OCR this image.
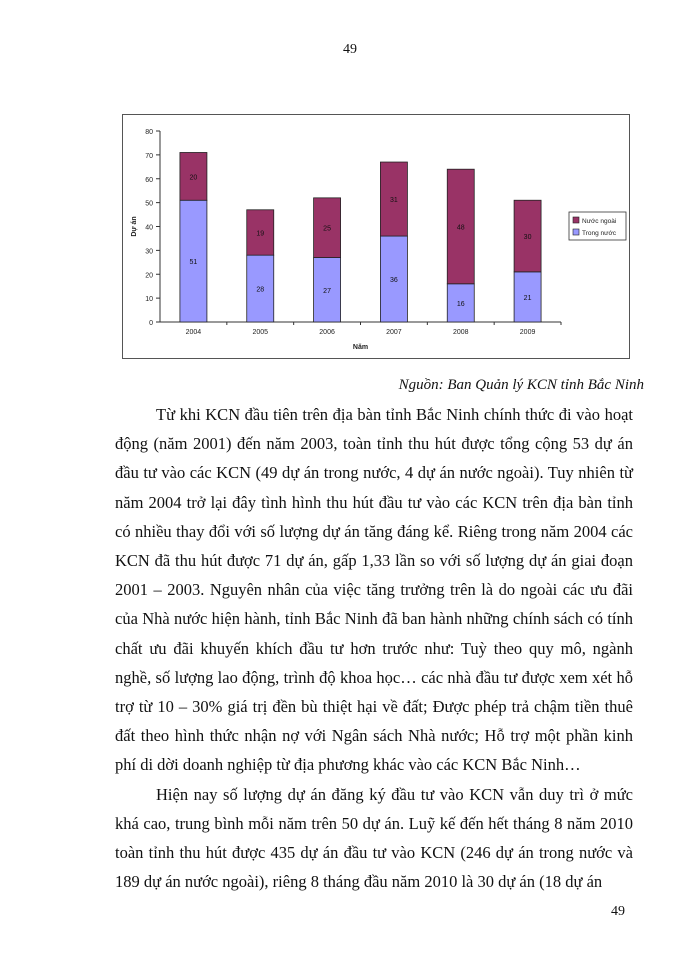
49
0
10
20
30
40
50
60
70
80
51
20
2004
28
19
2005
27
25
2006
36
31
2007
16
48
2008
21
30
2009
Năm
Dự án	Nước ngoài
Trong nước
Nguồn: Ban Quản lý KCN tỉnh Bắc Ninh

Từ khi KCN đầu tiên trên địa bàn tỉnh Bắc Ninh chính thức đi vào hoạt động (năm 2001) đến năm 2003, toàn tỉnh thu hút được tổng cộng 53 dự án đầu tư vào các KCN (49 dự án trong nước, 4 dự án nước ngoài). Tuy nhiên từ năm 2004 trở lại đây tình hình thu hút đầu tư vào các KCN trên địa bàn tỉnh có nhiều thay đổi với số lượng dự án tăng đáng kể. Riêng trong năm 2004 các KCN đã thu hút được 71 dự án, gấp 1,33 lần so với số lượng dự án giai đoạn 2001 – 2003. Nguyên nhân của việc tăng trưởng trên là do ngoài các ưu đãi của Nhà nước hiện hành, tỉnh Bắc Ninh đã ban hành những chính sách có tính chất ưu đãi khuyến khích đầu tư hơn trước như: Tuỳ theo quy mô, ngành nghề, số lượng lao động, trình độ khoa học… các nhà đầu tư được xem xét hỗ trợ từ 10 – 30% giá trị đền bù thiệt hại về đất; Được phép trả chậm tiền thuê đất theo hình thức nhận nợ với Ngân sách Nhà nước; Hỗ trợ một phần kinh phí di dời doanh nghiệp từ địa phương khác vào các KCN Bắc Ninh…

Hiện nay số lượng dự án đăng ký đầu tư vào KCN vẫn duy trì ở mức khá cao, trung bình mỗi năm trên 50 dự án. Luỹ kế đến hết tháng 8 năm 2010 toàn tỉnh thu hút được 435 dự án đầu tư vào KCN (246 dự án trong nước và 189 dự án nước ngoài), riêng 8 tháng đầu năm 2010 là 30 dự án (18 dự án

49
